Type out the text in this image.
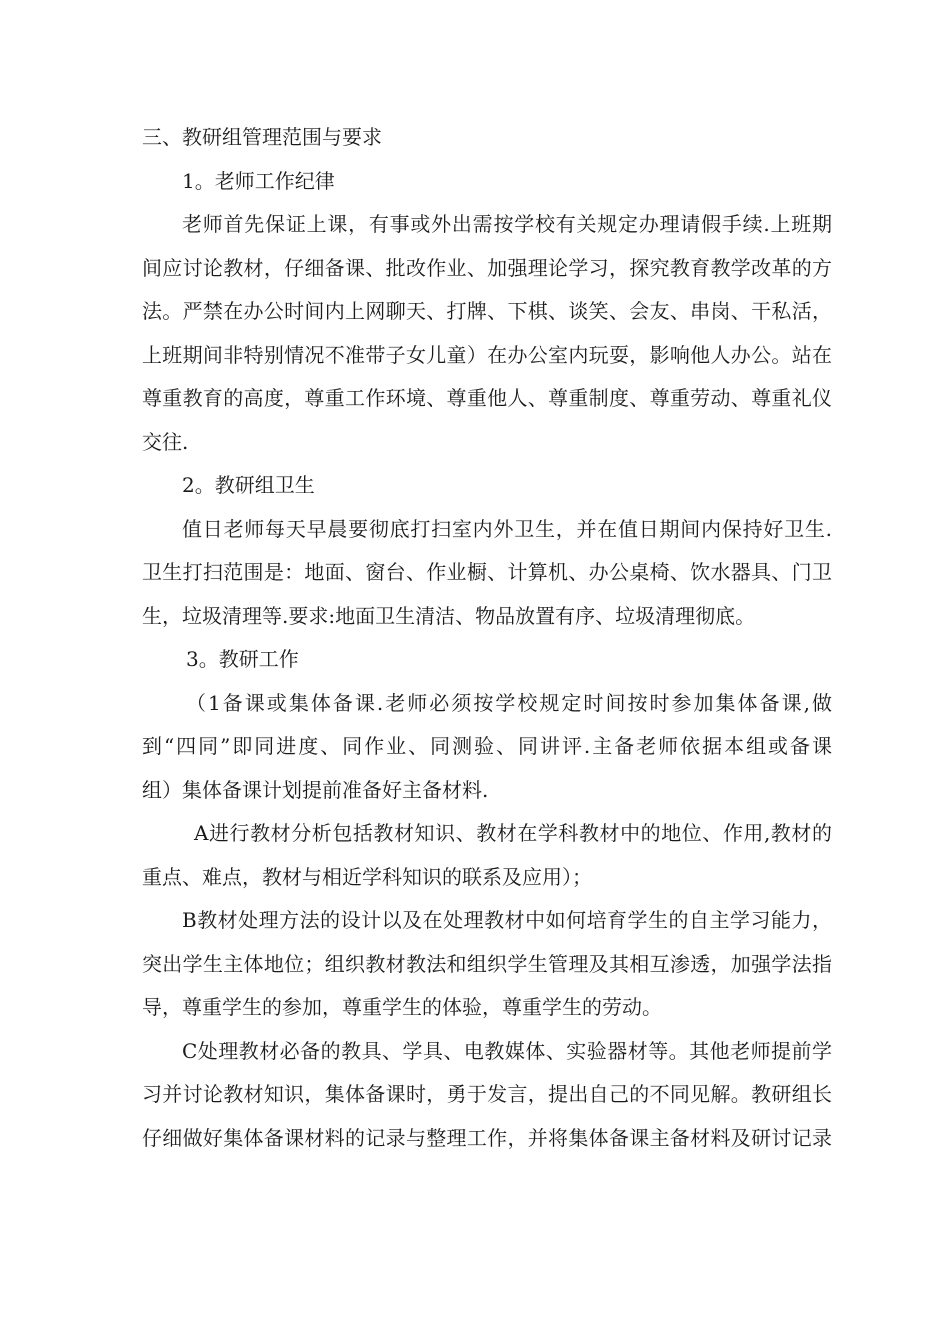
三、教研组管理范围与要求
1。老师工作纪律
老师首先保证上课，有事或外出需按学校有关规定办理请假手续.上班期
间应讨论教材，仔细备课、批改作业、加强理论学习，探究教育教学改革的方
法。严禁在办公时间内上网聊天、打牌、下棋、谈笑、会友、串岗、干私活，
上班期间非特别情况不准带子女儿童）在办公室内玩耍，影响他人办公。站在
尊重教育的高度，尊重工作环境、尊重他人、尊重制度、尊重劳动、尊重礼仪
交往.
2。教研组卫生
值日老师每天早晨要彻底打扫室内外卫生，并在值日期间内保持好卫生.
卫生打扫范围是：地面、窗台、作业橱、计算机、办公桌椅、饮水器具、门卫
生，垃圾清理等.要求:地面卫生清洁、物品放置有序、垃圾清理彻底。
3。教研工作
（1备课或集体备课.老师必须按学校规定时间按时参加集体备课,做
到“四同”即同进度、同作业、同测验、同讲评.主备老师依据本组或备课
组）集体备课计划提前准备好主备材料.
A进行教材分析包括教材知识、教材在学科教材中的地位、作用,教材的
重点、难点，教材与相近学科知识的联系及应用）；
B教材处理方法的设计以及在处理教材中如何培育学生的自主学习能力，
突出学生主体地位；组织教材教法和组织学生管理及其相互渗透，加强学法指
导，尊重学生的参加，尊重学生的体验，尊重学生的劳动。
C处理教材必备的教具、学具、电教媒体、实验器材等。其他老师提前学
习并讨论教材知识，集体备课时，勇于发言，提出自己的不同见解。教研组长
仔细做好集体备课材料的记录与整理工作，并将集体备课主备材料及研讨记录
